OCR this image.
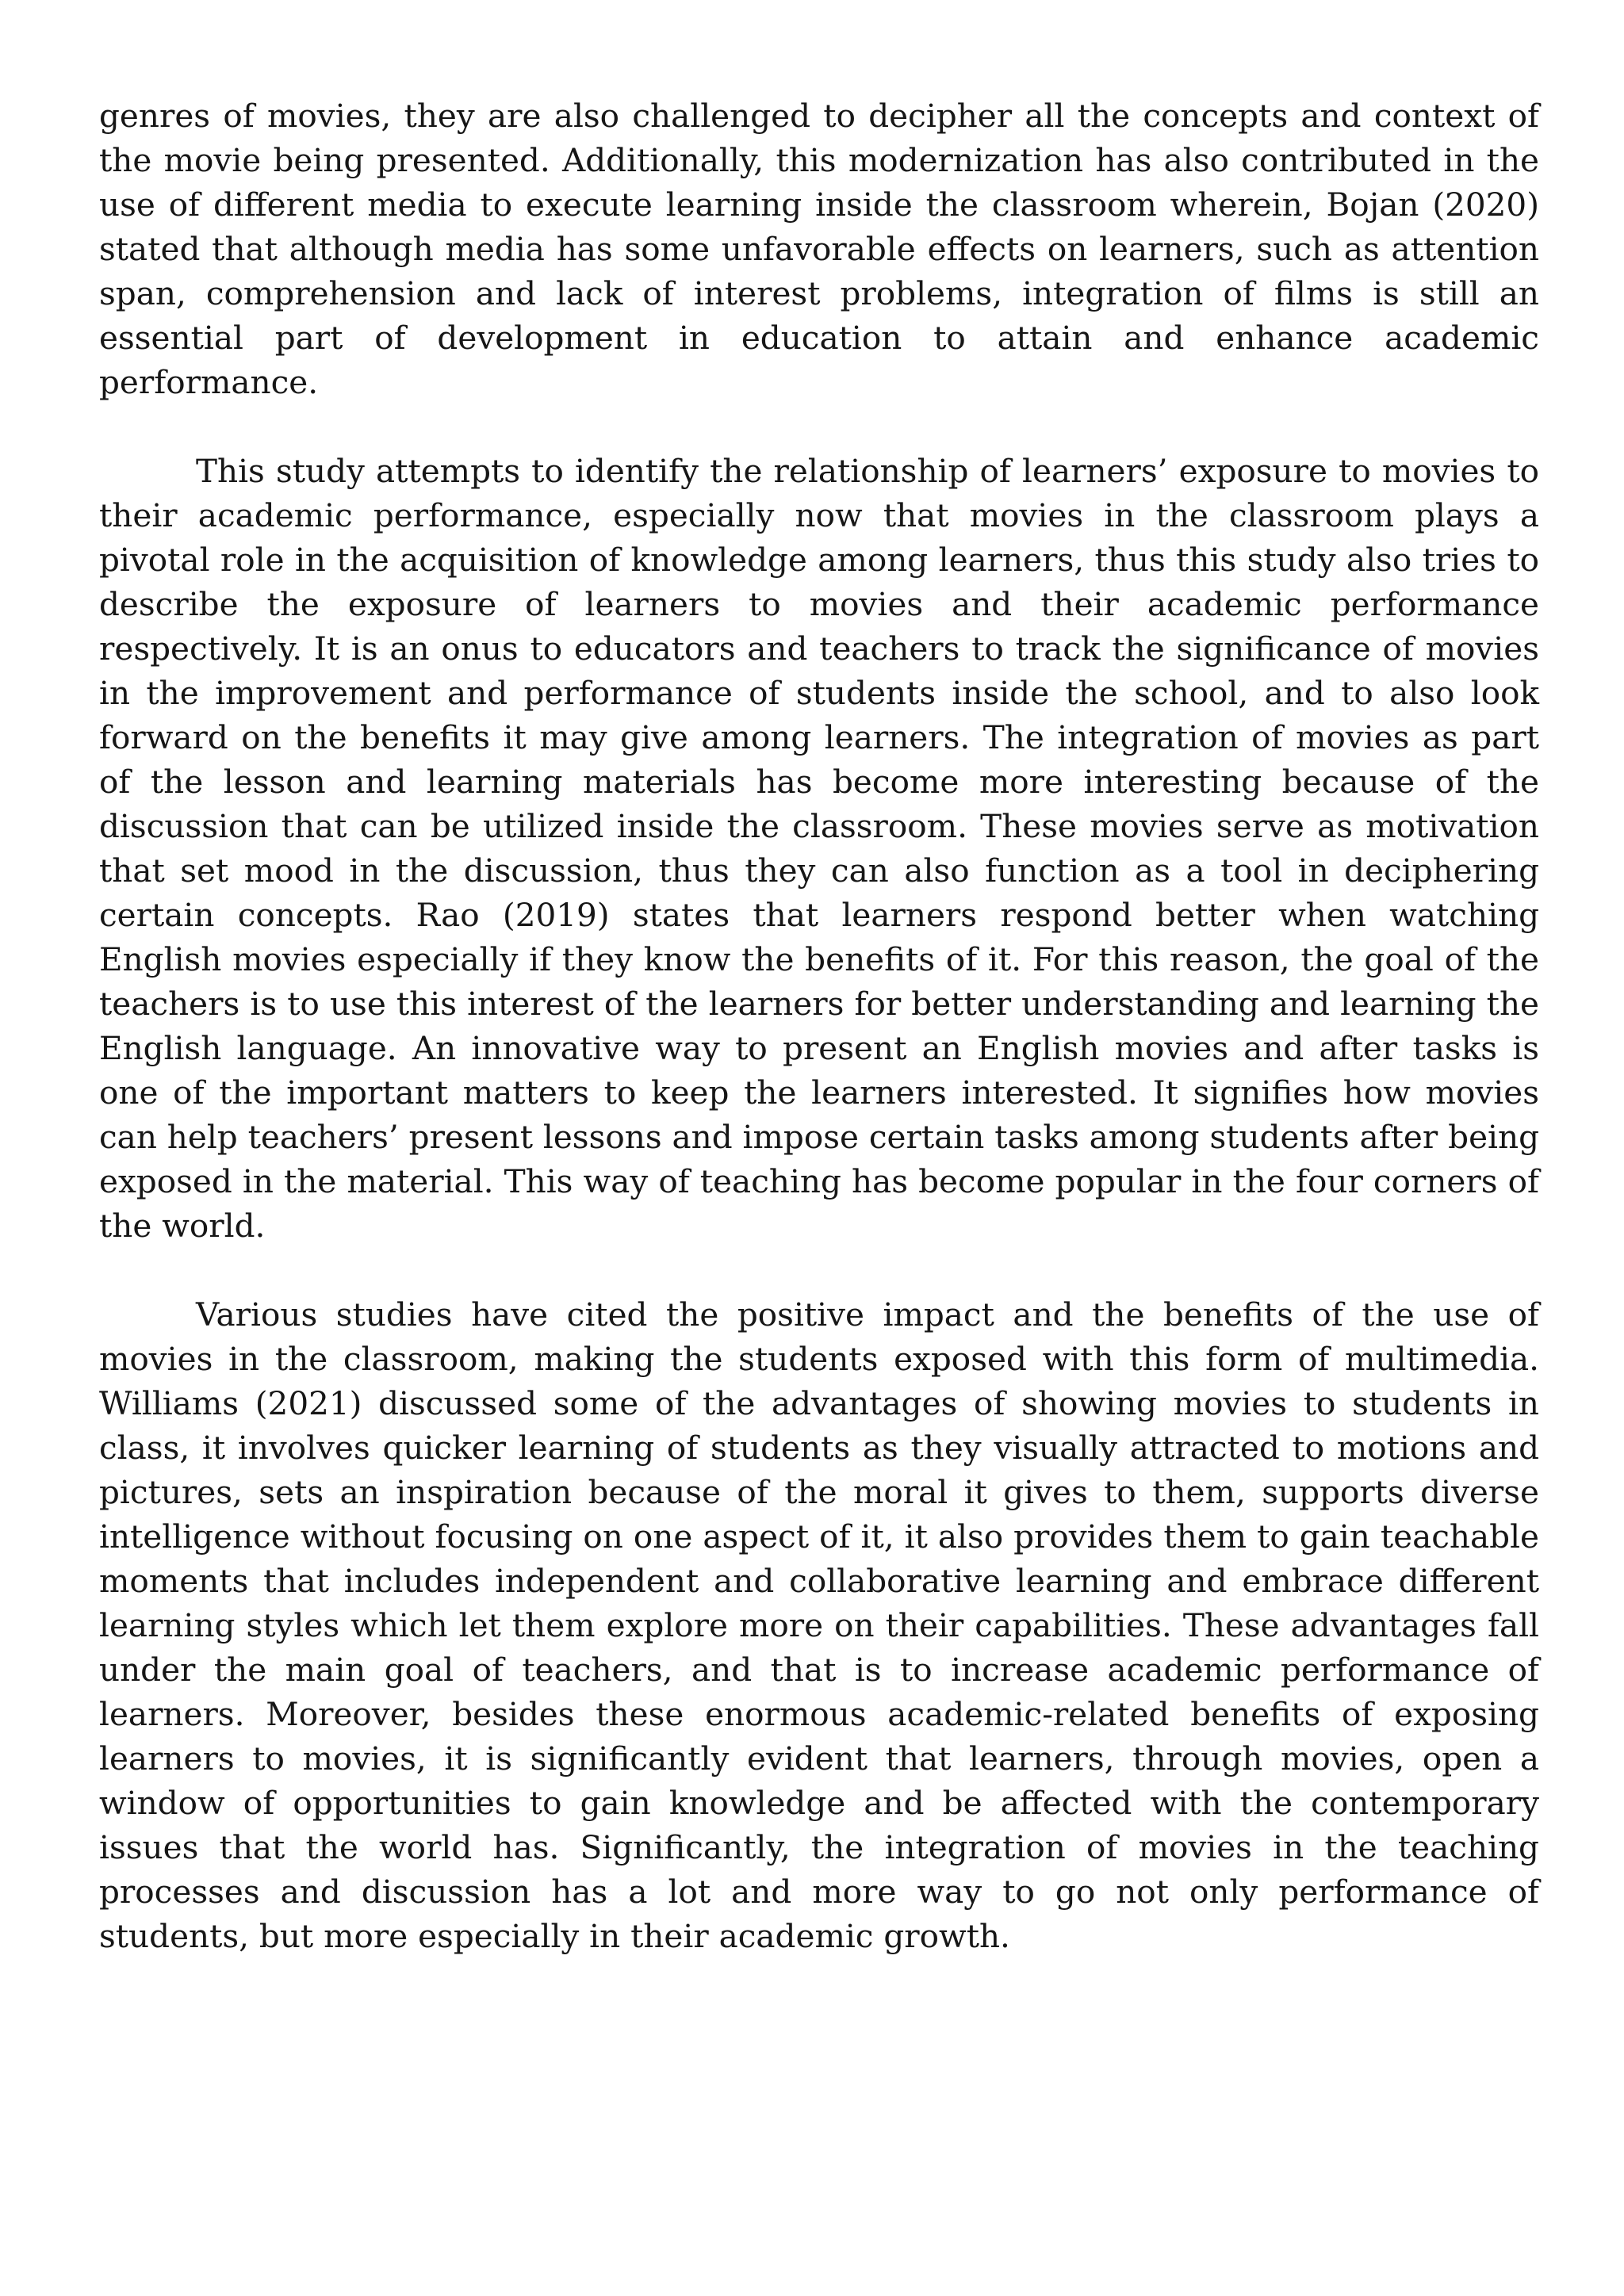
genres of movies, they are also challenged to decipher all the concepts and context of the movie being presented. Additionally, this modernization has also contributed in the use of different media to execute learning inside the classroom wherein, Bojan (2020) stated that although media has some unfavorable effects on learners, such as attention span, comprehension and lack of interest problems, integration of films is still an essential part of development in education to attain and enhance academic performance.

This study attempts to identify the relationship of learners’ exposure to movies to their academic performance, especially now that movies in the classroom plays a pivotal role in the acquisition of knowledge among learners, thus this study also tries to describe the exposure of learners to movies and their academic performance respectively. It is an onus to educators and teachers to track the significance of movies in the improvement and performance of students inside the school, and to also look forward on the benefits it may give among learners. The integration of movies as part of the lesson and learning materials has become more interesting because of the discussion that can be utilized inside the classroom. These movies serve as motivation that set mood in the discussion, thus they can also function as a tool in deciphering certain concepts. Rao (2019) states that learners respond better when watching English movies especially if they know the benefits of it. For this reason, the goal of the teachers is to use this interest of the learners for better understanding and learning the English language. An innovative way to present an English movies and after tasks is one of the important matters to keep the learners interested. It signifies how movies can help teachers’ present lessons and impose certain tasks among students after being exposed in the material. This way of teaching has become popular in the four corners of the world.

Various studies have cited the positive impact and the benefits of the use of movies in the classroom, making the students exposed with this form of multimedia. Williams (2021) discussed some of the advantages of showing movies to students in class, it involves quicker learning of students as they visually attracted to motions and pictures, sets an inspiration because of the moral it gives to them, supports diverse intelligence without focusing on one aspect of it, it also provides them to gain teachable moments that includes independent and collaborative learning and embrace different learning styles which let them explore more on their capabilities. These advantages fall under the main goal of teachers, and that is to increase academic performance of learners. Moreover, besides these enormous academic-related benefits of exposing learners to movies, it is significantly evident that learners, through movies, open a window of opportunities to gain knowledge and be affected with the contemporary issues that the world has. Significantly, the integration of movies in the teaching processes and discussion has a lot and more way to go not only performance of students, but more especially in their academic growth.
